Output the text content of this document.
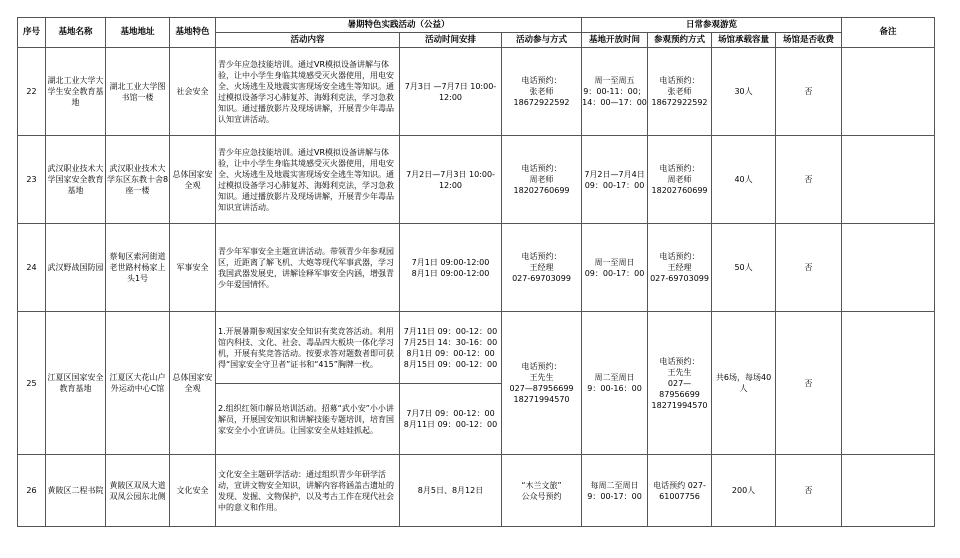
序号	基地名称	基地地址	基地特色	暑期特色实践活动（公益）			日常参观游览				备注
				活动内容	活动时间安排	活动参与方式	基地开放时间	参观预约方式	场馆承载容量	场馆是否收费	
22	湖北工业大学大学生安全教育基地	湖北工业大学图书馆一楼	社会安全	青少年应急技能培训。通过VR模拟设备讲解与体验，让中小学生身临其境感受灭火器使用，用电安全、火场逃生及地震实害现场安全逃生等知识。通过模拟设备学习心肺复苏、海姆利克法，学习急救知识。通过播放影片及现场讲解，开展青少年毒品认知宣讲活动。	7月3日 —7月7日 10:00-12:00	电话预约：
张老师18672922592	周一至周五
9：00-11：00；
14：00—17：00	电话预约：
张老师
18672922592	30人	否	
23	武汉职业技术大学国家安全教育基地	武汉职业技术大学东区东教十舍8座一楼	总体国家安全观	青少年应急技能培训。通过VR模拟设备讲解与体验，让中小学生身临其境感受灭火器使用，用电安全、火场逃生及地震实害现场安全逃生等知识。通过模拟设备学习心肺复苏、海姆利克法，学习急救知识。通过播放影片及现场讲解，开展青少年毒品知识宣讲活动。	7月2日—7月3日 10:00-12:00	电话预约：
周老师18202760699	7月2日—7月4日
09：00-17：00	电话预约：
周老师
18202760699	40人	否	
24	武汉野战国防园	蔡甸区索河街道老世路村杨家上头1号	军事安全	青少年军事安全主题宣讲活动。带领青少年参观园区，近距离了解飞机、大炮等现代军事武器，学习我国武器发展史，讲解诠释军事安全内涵，增强青少年爱国情怀。	7月1日 09:00-12:00
8月1日 09:00-12:00	电话预约：
王经理
027-69703099	周一至周日
09：00-17：00	电话预约：
王经理
027-69703099	50人	否	
25	江夏区国家安全教育基地	江夏区大花山户外运动中心C馆	总体国家安全观	1.开展暑期参观国家安全知识有奖竞答活动。利用馆内科技、文化、社会、毒品四大板块一体化学习机，开展有奖竞答活动。按要求答对题数者即可获得“国家安全守卫者”证书和“415”胸牌一枚。	7月11日 09：00-12：00
7月25日 14：30-16：00
8月1日 09：00-12：00
8月15日 09：00-12：00	电话预约：
王先生
027—87956699
18271994570	周二至周日
9：00-16：00	电话预约：
王先生
027—87956699
18271994570	共6场，每场40人	否	
				2.组织红领巾解员培训活动。招募“武小安”小小讲解员，开展国安知识和讲解技能专题培训，培育国家安全小小宣讲员。让国家安全从娃娃抓起。	7月7日 09：00-12：00
8月11日 09：00-12：00						
26	黄陂区二程书院	黄陂区双凤大道双凤公园东北侧	文化安全	文化安全主题研学活动：通过组织青少年研学活动，宣讲文物安全知识，讲解内容将涵盖古遗址的发现、发掘、文物保护，以及考古工作在现代社会中的意义和作用。	8月5日、8月12日	“木兰文旅”
公众号预约	每周二至周日
9：00-17：00	电话预约 027-61007756	200人	否	
